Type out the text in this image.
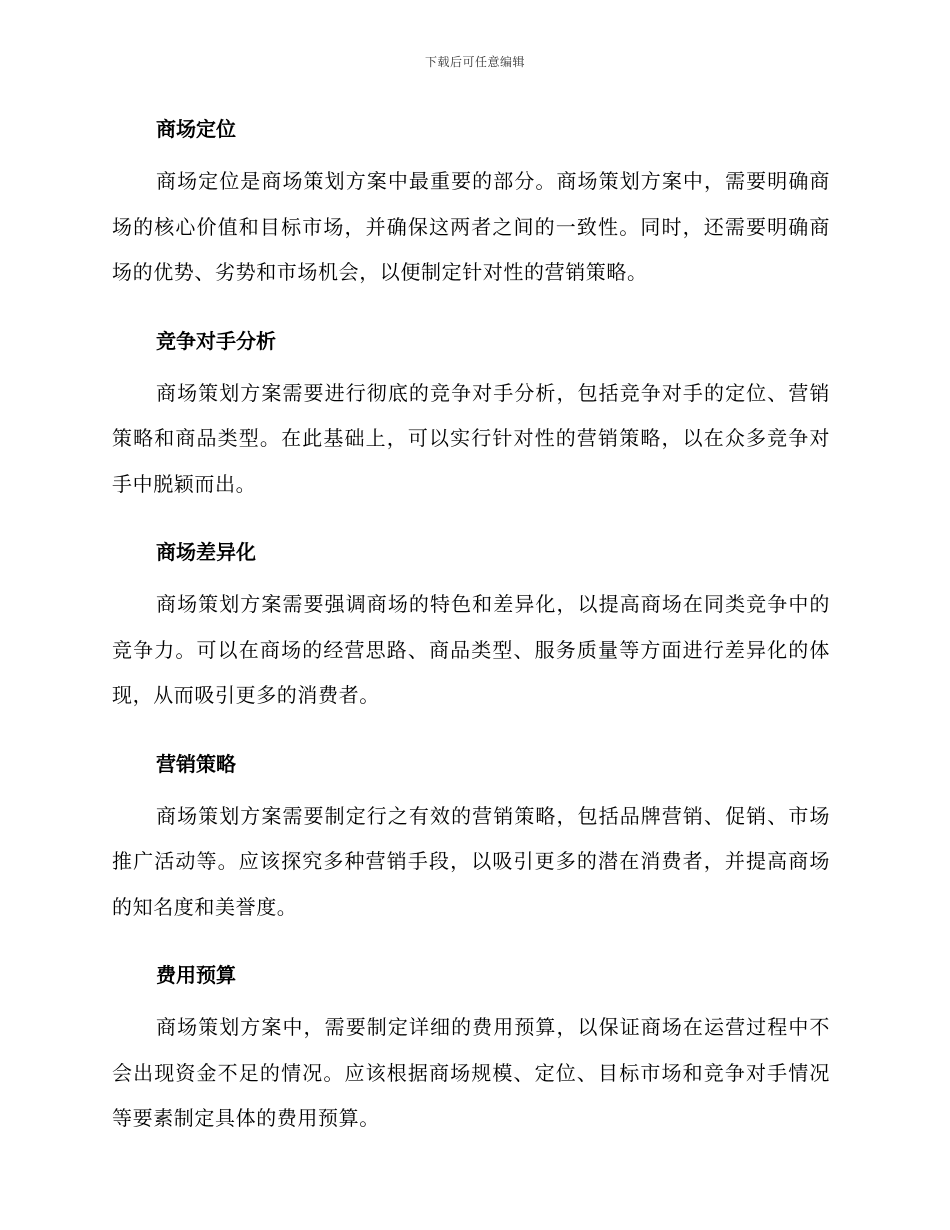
下载后可任意编辑
商场定位

商场定位是商场策划方案中最重要的部分。商场策划方案中，需要明确商场的核心价值和目标市场，并确保这两者之间的一致性。同时，还需要明确商场的优势、劣势和市场机会，以便制定针对性的营销策略。

竞争对手分析

商场策划方案需要进行彻底的竞争对手分析，包括竞争对手的定位、营销策略和商品类型。在此基础上，可以实行针对性的营销策略，以在众多竞争对手中脱颖而出。

商场差异化

商场策划方案需要强调商场的特色和差异化，以提高商场在同类竞争中的竞争力。可以在商场的经营思路、商品类型、服务质量等方面进行差异化的体现，从而吸引更多的消费者。

营销策略

商场策划方案需要制定行之有效的营销策略，包括品牌营销、促销、市场推广活动等。应该探究多种营销手段，以吸引更多的潜在消费者，并提高商场的知名度和美誉度。

费用预算

商场策划方案中，需要制定详细的费用预算，以保证商场在运营过程中不会出现资金不足的情况。应该根据商场规模、定位、目标市场和竞争对手情况等要素制定具体的费用预算。
